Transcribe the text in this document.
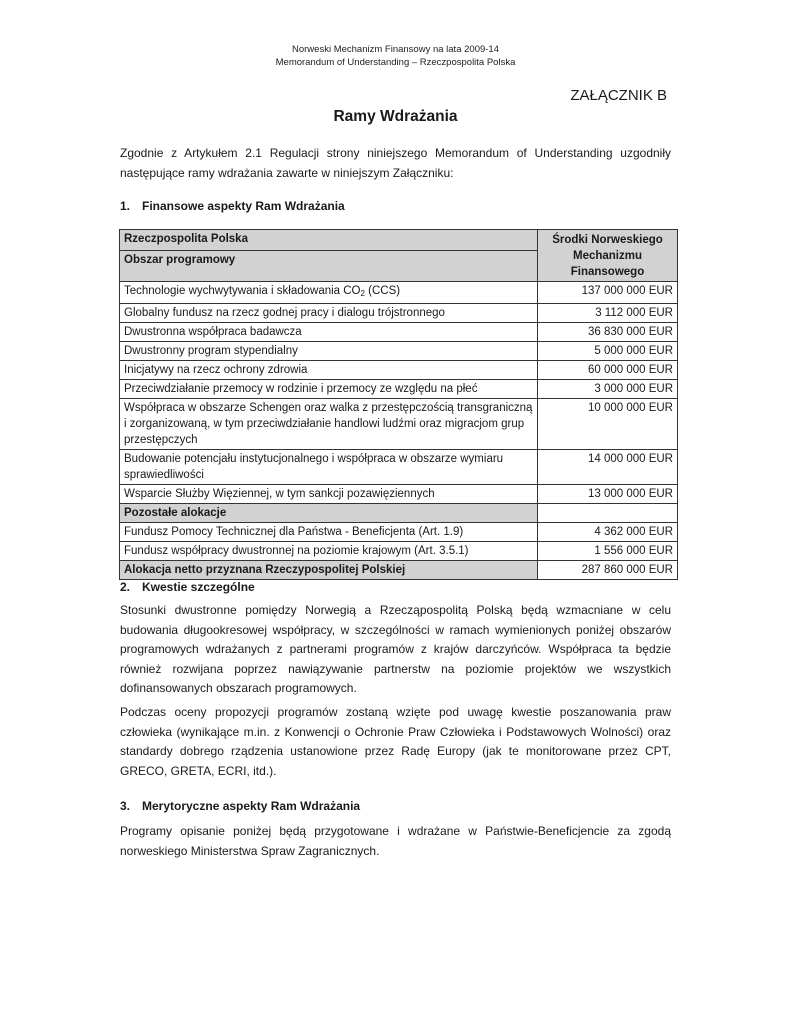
Norweski Mechanizm Finansowy na lata 2009-14
Memorandum of Understanding – Rzeczpospolita Polska
ZAŁĄCZNIK B
Ramy Wdrażania
Zgodnie z Artykułem 2.1 Regulacji strony niniejszego Memorandum of Understanding uzgodniły następujące ramy wdrażania zawarte w niniejszym Załączniku:
1. Finansowe aspekty Ram Wdrażania
Rzeczpospolita Polska	Środki Norweskiego Mechanizmu Finansowego
Obszar programowy	
Technologie wychwytywania i składowania $CO_2$ (CCS)	137 000 000 EUR
Globalny fundusz na rzecz godnej pracy i dialogu trójstronnego	3 112 000 EUR
Dwustronna współpraca badawcza	36 830 000 EUR
Dwustronny program stypendialny	5 000 000 EUR
Inicjatywy na rzecz ochrony zdrowia	60 000 000 EUR
Przeciwdziałanie przemocy w rodzinie i przemocy ze względu na płeć	3 000 000 EUR
Współpraca w obszarze Schengen oraz walka z przestępczością transgraniczną i zorganizowaną, w tym przeciwdziałanie handlowi ludźmi oraz migracjom grup przestępczych	10 000 000 EUR
Budowanie potencjału instytucjonalnego i współpraca w obszarze wymiaru sprawiedliwości	14 000 000 EUR
Wsparcie Służby Więziennej, w tym sankcji pozawięziennych	13 000 000 EUR
Pozostałe alokacje	
Fundusz Pomocy Technicznej dla Państwa - Beneficjenta (Art. 1.9)	4 362 000 EUR
Fundusz współpracy dwustronnej na poziomie krajowym (Art. 3.5.1)	1 556 000 EUR
Alokacja netto przyznana Rzeczypospolitej Polskiej	287 860 000 EUR
2. Kwestie szczególne
Stosunki dwustronne pomiędzy Norwegią a Rzecząpospolitą Polską będą wzmacniane w celu budowania długookresowej współpracy, w szczególności w ramach wymienionych poniżej obszarów programowych wdrażanych z partnerami programów z krajów darczyńców. Współpraca ta będzie również rozwijana poprzez nawiązywanie partnerstw na poziomie projektów we wszystkich dofinansowanych obszarach programowych.
Podczas oceny propozycji programów zostaną wzięte pod uwagę kwestie poszanowania praw człowieka (wynikające m.in. z Konwencji o Ochronie Praw Człowieka i Podstawowych Wolności) oraz standardy dobrego rządzenia ustanowione przez Radę Europy (jak te monitorowane przez CPT, GRECO, GRETA, ECRI, itd.).
3. Merytoryczne aspekty Ram Wdrażania
Programy opisanie poniżej będą przygotowane i wdrażane w Państwie-Beneficjencie za zgodą norweskiego Ministerstwa Spraw Zagranicznych.
